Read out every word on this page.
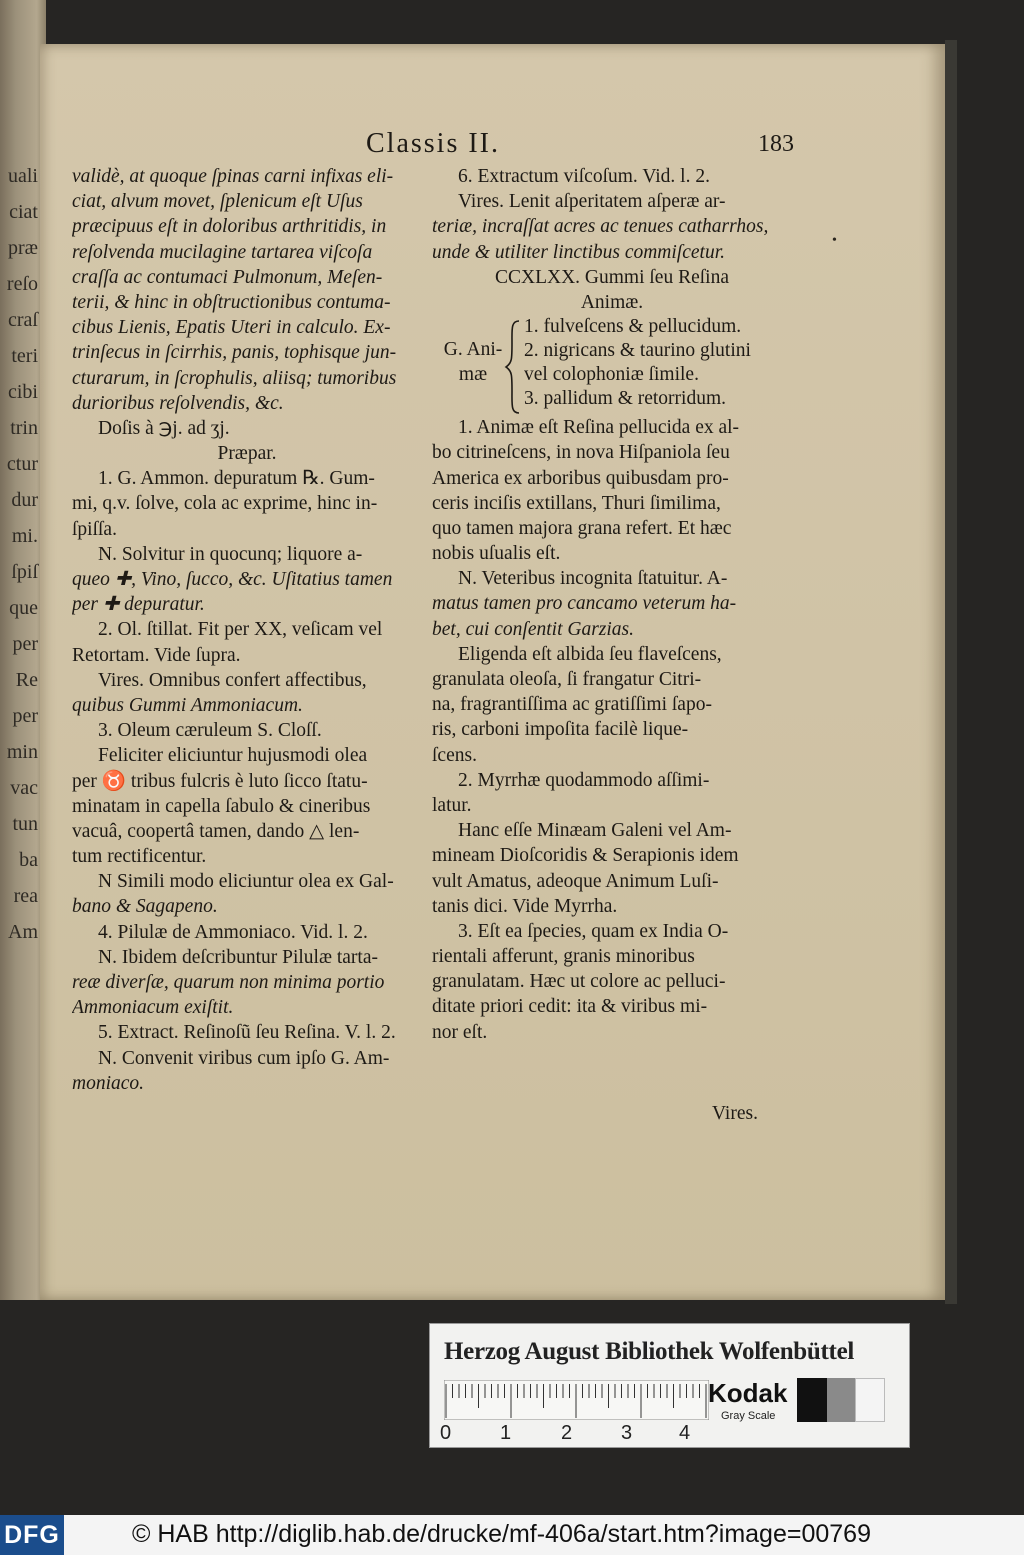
uali
ciat
præ
reſo
craſ
teri
cibi
trin
ctur
dur
mi.
ſpiſ
que
per
Re
per
min
vac
tun
ba
rea
Am
Classis II.	183
•
validè, at quoque ſpinas carni infixas eli-
ciat, alvum movet, ſplenicum eſt Uſus
præcipuus eſt in doloribus arthritidis, in
reſolvenda mucilagine tartarea viſcoſa
craſſa ac contumaci Pulmonum, Meſen-
terii, & hinc in obſtructionibus contuma-
cibus Lienis, Epatis Uteri in calculo. Ex-
trinſecus in ſcirrhis, panis, tophisque jun-
cturarum, in ſcrophulis, aliisq; tumoribus
durioribus reſolvendis, &c.
Doſis à ℈j. ad ʒj.
Præpar.
1. G. Ammon. depuratum ℞. Gum-
mi, q.v. ſolve, cola ac exprime, hinc in-
ſpiſſa.
N. Solvitur in quocunq; liquore a-
queo ✚, Vino, ſucco, &c. Uſitatius tamen
per ✚ depuratur.
2. Ol. ſtillat. Fit per XX, veſicam vel
Retortam. Vide ſupra.
Vires. Omnibus confert affectibus,
quibus Gummi Ammoniacum.
3. Oleum cæruleum S. Cloſſ.
Feliciter eliciuntur hujusmodi olea
per ♉ tribus fulcris è luto ſicco ſtatu-
minatam in capella ſabulo & cineribus
vacuâ, coopertâ tamen, dando △ len-
tum rectificentur.
N Simili modo eliciuntur olea ex Gal-
bano & Sagapeno.
4. Pilulæ de Ammoniaco. Vid. l. 2.
N. Ibidem deſcribuntur Pilulæ tarta-
reæ diverſæ, quarum non minima portio
Ammoniacum exiſtit.
5. Extract. Reſinoſũ ſeu Reſina. V. l. 2.
N. Convenit viribus cum ipſo G. Am-
moniaco.
6. Extractum viſcoſum. Vid. l. 2.
Vires. Lenit aſperitatem aſperæ ar-
teriæ, incraſſat acres ac tenues catharrhos,
unde & utiliter linctibus commiſcetur.
CCXLXX. Gummi ſeu Reſina
Animæ.
G. Ani-
mæ
1. fulveſcens & pellucidum.
2. nigricans & taurino glutini
vel colophoniæ ſimile.
3. pallidum & retorridum.
1. Animæ eſt Reſina pellucida ex al-
bo citrineſcens, in nova Hiſpaniola ſeu
America ex arboribus quibusdam pro-
ceris inciſis extillans, Thuri ſimilima,
quo tamen majora grana refert. Et hæc
nobis uſualis eſt.
N. Veteribus incognita ſtatuitur. A-
matus tamen pro cancamo veterum ha-
bet, cui conſentit Garzias.
Eligenda eſt albida ſeu flaveſcens,
granulata oleoſa, ſi frangatur Citri-
na, fragrantiſſima ac gratiſſimi ſapo-
ris, carboni impoſita facilè lique-
ſcens.
2. Myrrhæ quodammodo aſſimi-
latur.
Hanc eſſe Minæam Galeni vel Am-
mineam Dioſcoridis & Serapionis idem
vult Amatus, adeoque Animum Luſi-
tanis dici. Vide Myrrha.
3. Eſt ea ſpecies, quam ex India O-
rientali afferunt, granis minoribus
granulatam. Hæc ut colore ac pelluci-
ditate priori cedit: ita & viribus mi-
nor eſt.
Vires.
Herzog August Bibliothek Wolfenbüttel
0 1 2 3 4
Kodak
Gray Scale
DFG	© HAB http://diglib.hab.de/drucke/mf-406a/start.htm?image=00769
